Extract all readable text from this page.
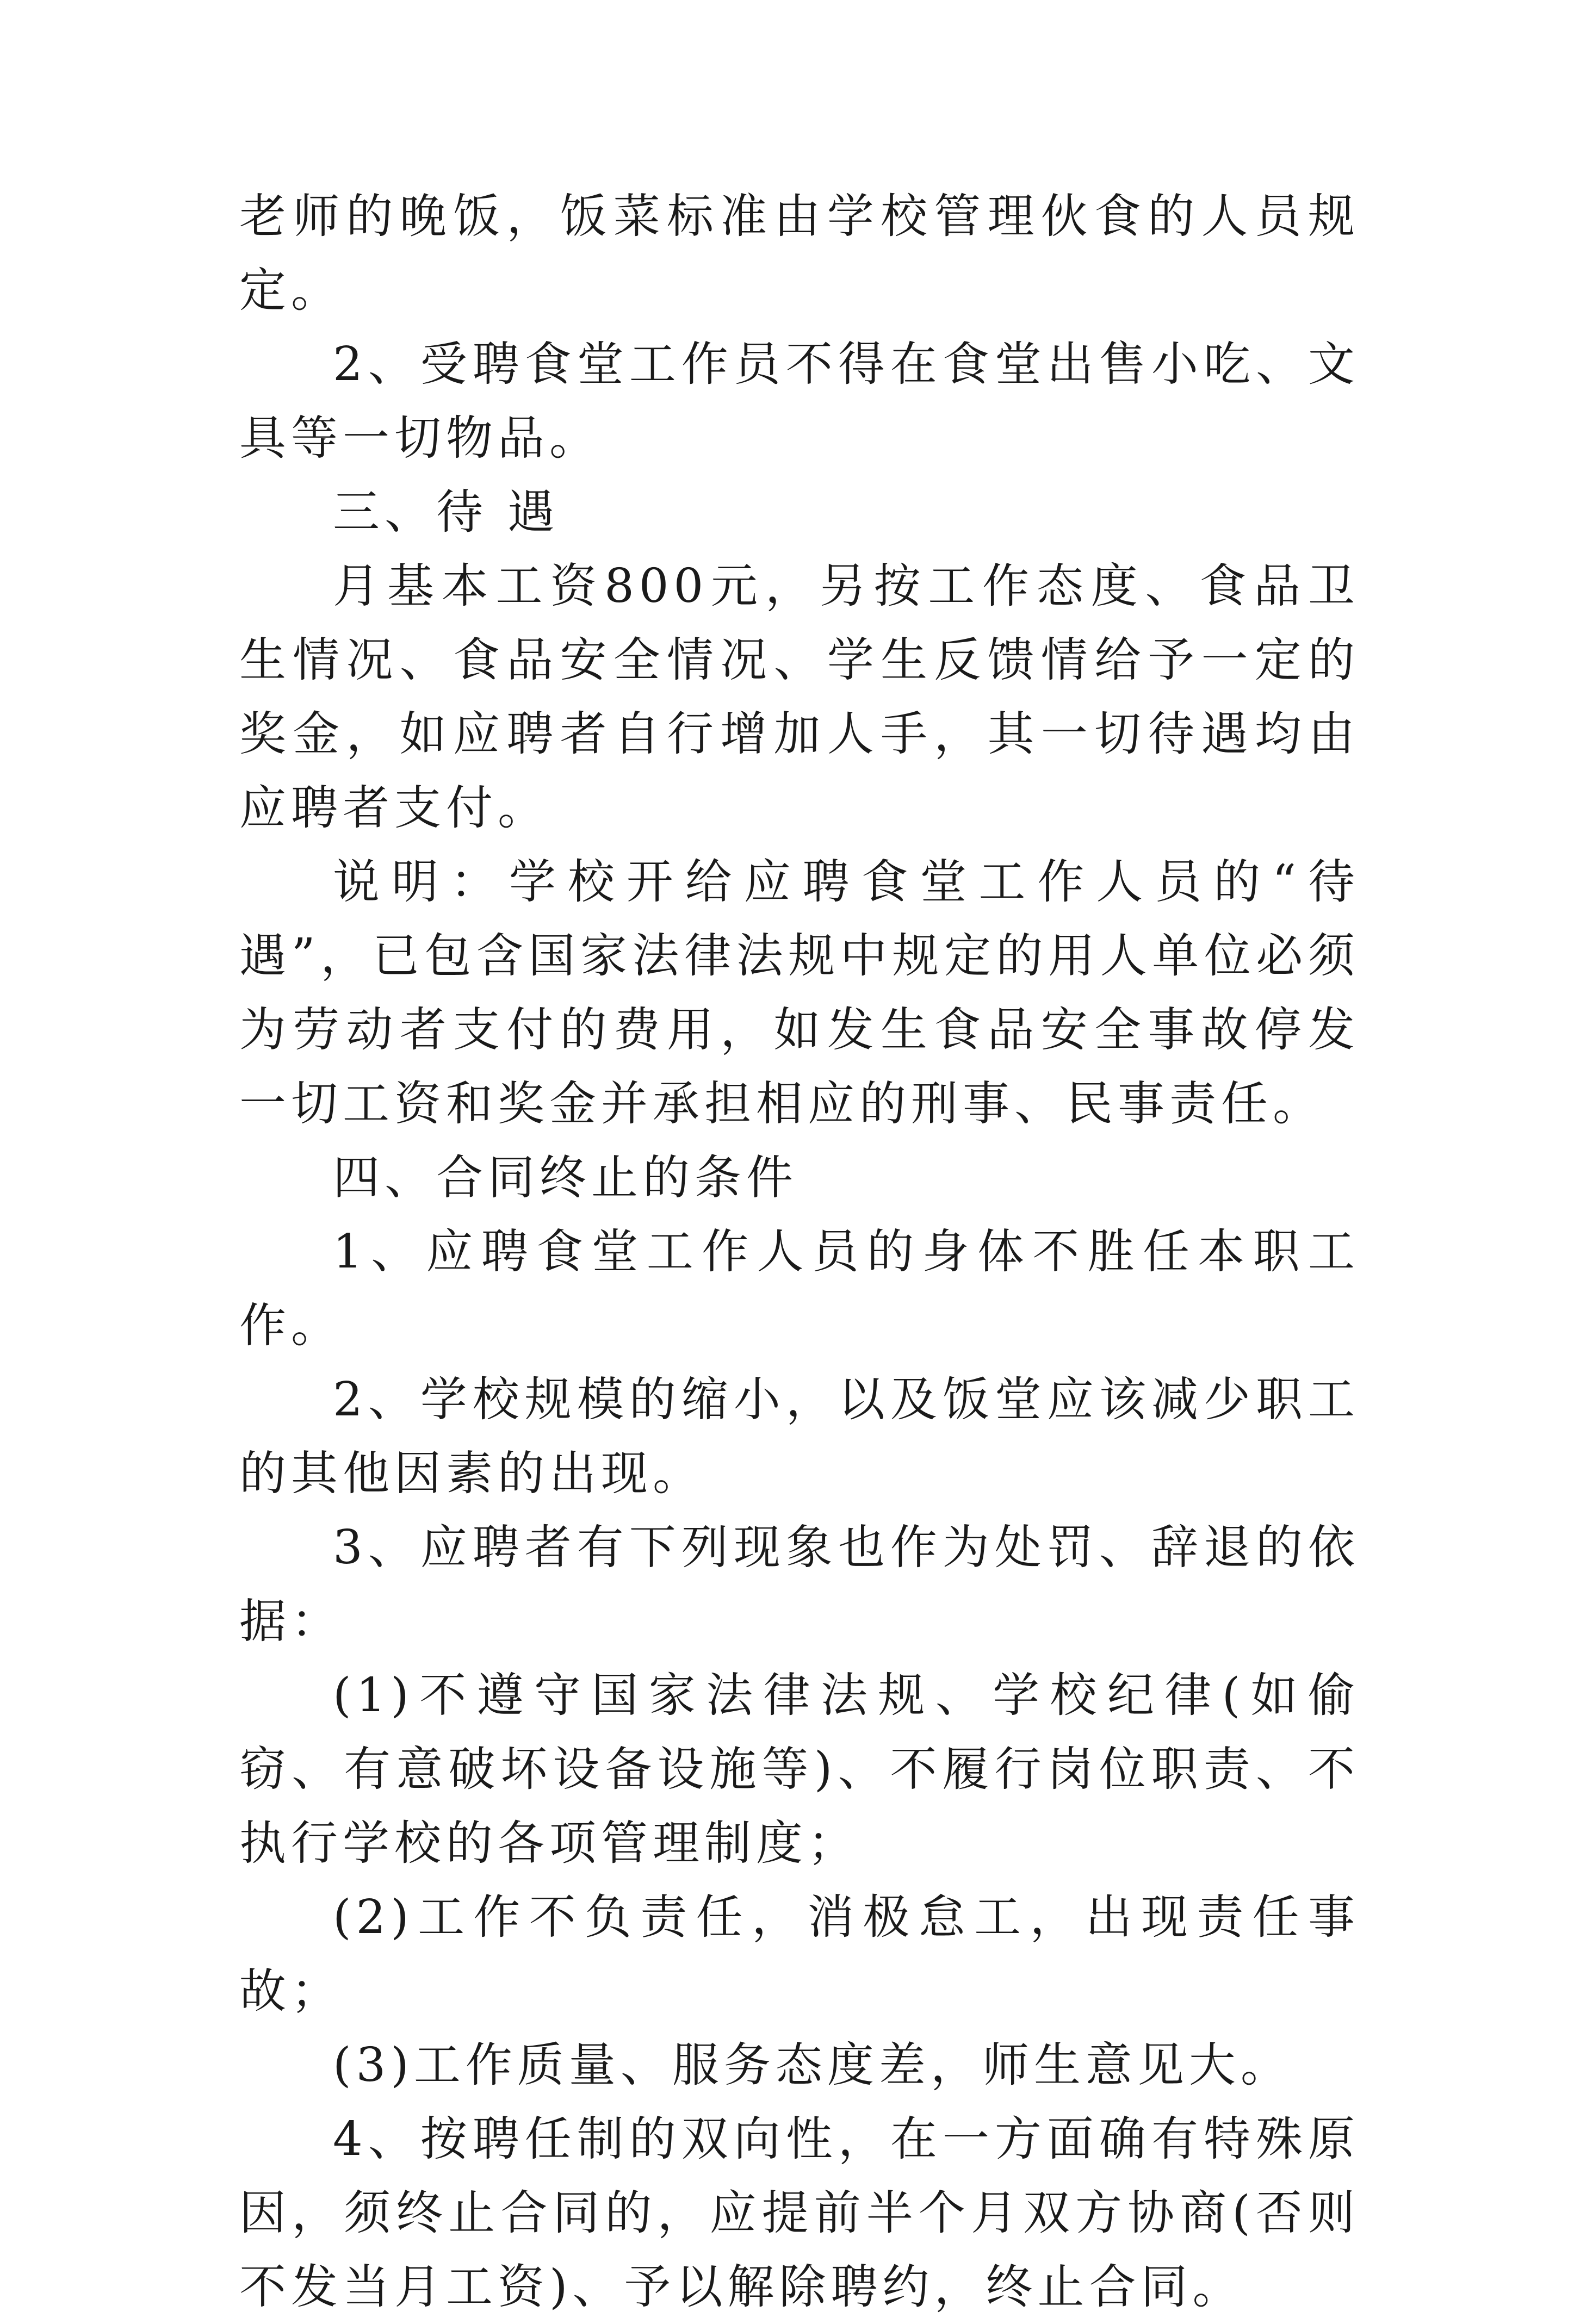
老师的晚饭，饭菜标准由学校管理伙食的人员规定。

2、受聘食堂工作员不得在食堂出售小吃、文具等一切物品。

三、待 遇

月基本工资800元，另按工作态度、食品卫生情况、食品安全情况、学生反馈情给予一定的奖金，如应聘者自行增加人手，其一切待遇均由应聘者支付。

说明：学校开给应聘食堂工作人员的“待遇”，已包含国家法律法规中规定的用人单位必须为劳动者支付的费用，如发生食品安全事故停发一切工资和奖金并承担相应的刑事、民事责任。

四、合同终止的条件

1、应聘食堂工作人员的身体不胜任本职工作。

2、学校规模的缩小，以及饭堂应该减少职工的其他因素的出现。

3、应聘者有下列现象也作为处罚、辞退的依据：

(1)不遵守国家法律法规、学校纪律(如偷窃、有意破坏设备设施等)、不履行岗位职责、不执行学校的各项管理制度；

(2)工作不负责任，消极怠工，出现责任事故；

(3)工作质量、服务态度差，师生意见大。

4、按聘任制的双向性，在一方面确有特殊原因，须终止合同的，应提前半个月双方协商(否则不发当月工资)、予以解除聘约，终止合同。
